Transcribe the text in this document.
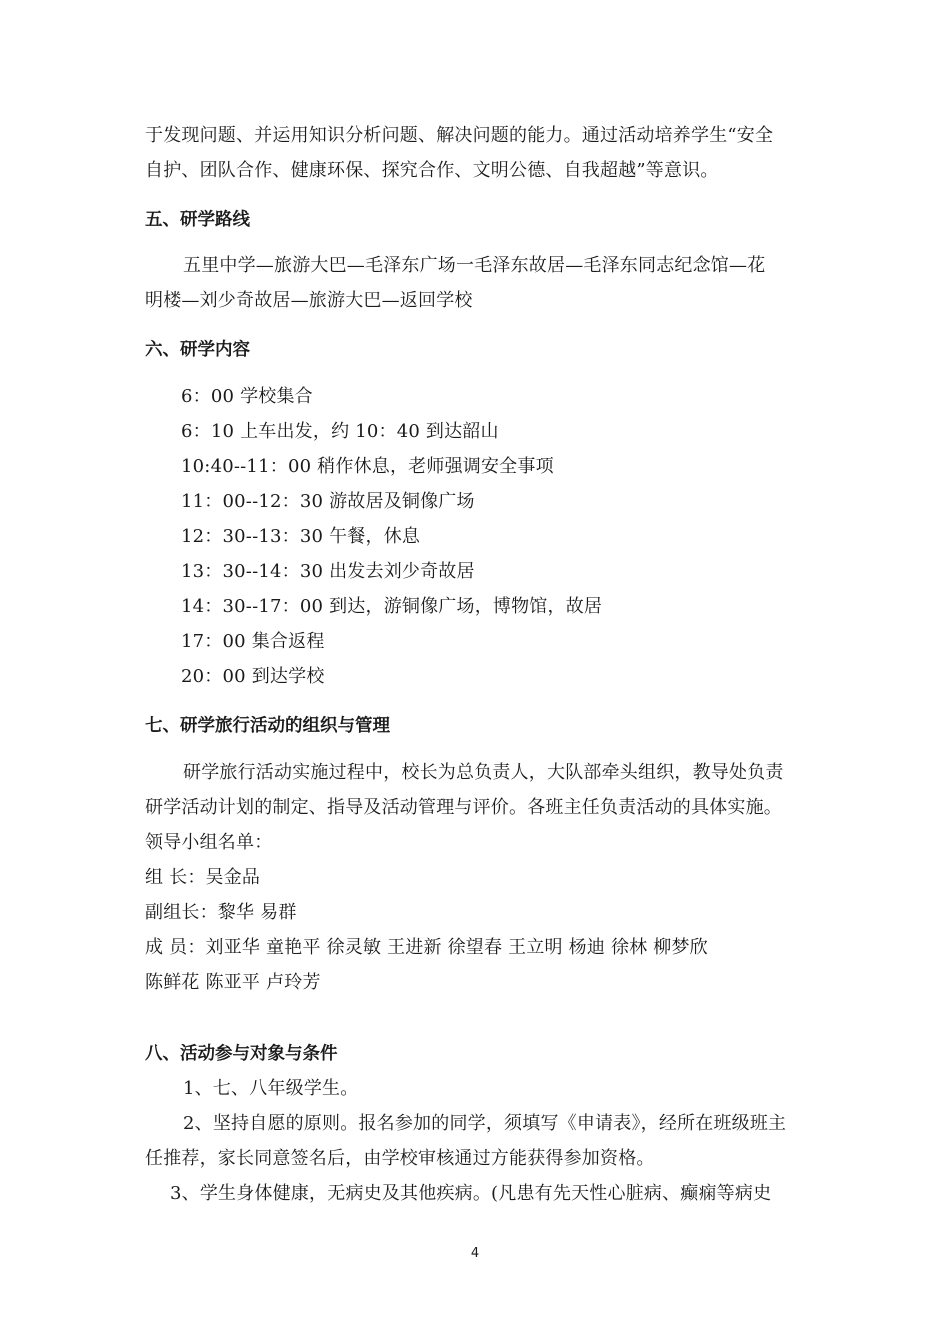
于发现问题、并运用知识分析问题、解决问题的能力。通过活动培养学生“安全
自护、团队合作、健康环保、探究合作、文明公德、自我超越”等意识。
五、研学路线
五里中学—旅游大巴—毛泽东广场一毛泽东故居—毛泽东同志纪念馆—花
明楼—刘少奇故居—旅游大巴—返回学校
六、研学内容
6：00 学校集合
6：10 上车出发，约 10：40 到达韶山
10:40--11：00 稍作休息，老师强调安全事项
11：00--12：30 游故居及铜像广场
12：30--13：30 午餐，休息
13：30--14：30 出发去刘少奇故居
14：30--17：00 到达，游铜像广场，博物馆，故居
17：00 集合返程
20：00 到达学校
七、研学旅行活动的组织与管理
研学旅行活动实施过程中，校长为总负责人，大队部牵头组织，教导处负责
研学活动计划的制定、指导及活动管理与评价。各班主任负责活动的具体实施。
领导小组名单：
组 长：吴金品
副组长：黎华 易群
成 员：刘亚华 童艳平 徐灵敏 王进新 徐望春 王立明 杨迪 徐林 柳梦欣
陈鲜花 陈亚平 卢玲芳
八、活动参与对象与条件
1、七、八年级学生。
2、坚持自愿的原则。报名参加的同学，须填写《申请表》，经所在班级班主
任推荐，家长同意签名后，由学校审核通过方能获得参加资格。
3、学生身体健康，无病史及其他疾病。(凡患有先天性心脏病、癫痫等病史
4
